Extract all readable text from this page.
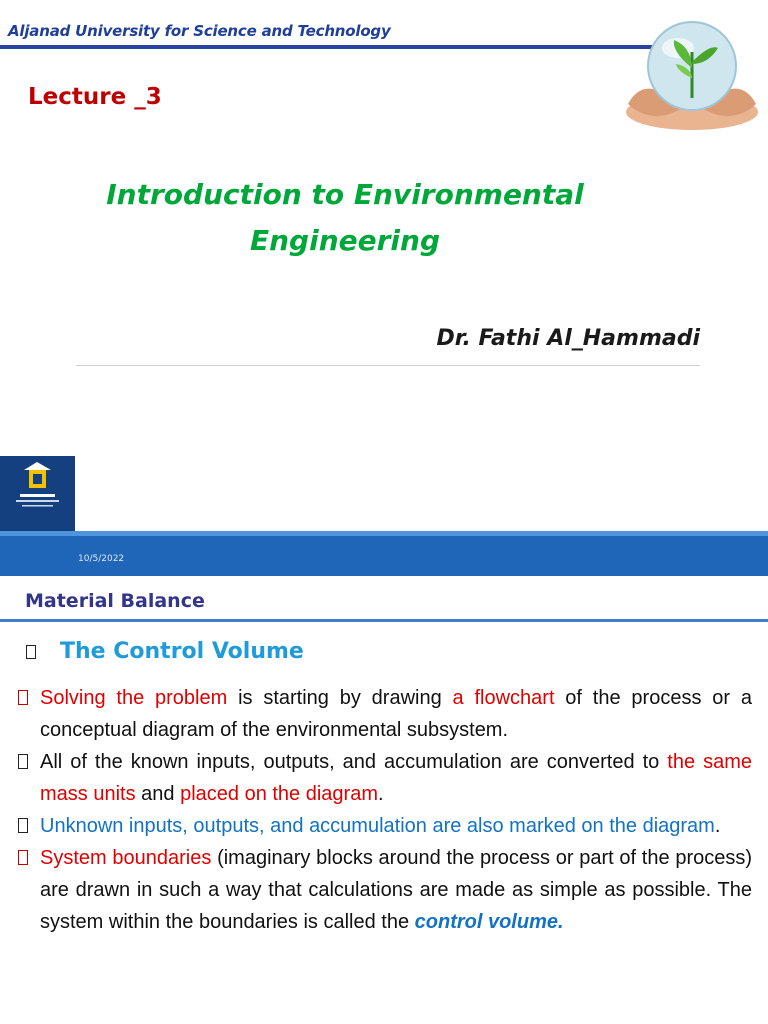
Aljanad University for Science and Technology
Lecture _3
Introduction to Environmental
Engineering
Dr. Fathi Al_Hammadi
10/5/2022
Material Balance
The Control Volume
Solving the problem is starting by drawing a flowchart of the process or a conceptual diagram of the environmental subsystem.
All of the known inputs, outputs, and accumulation are converted to the same mass units and placed on the diagram.
Unknown inputs, outputs, and accumulation are also marked on the diagram.
System boundaries (imaginary blocks around the process or part of the process) are drawn in such a way that calculations are made as simple as possible. The system within the boundaries is called the control volume.
